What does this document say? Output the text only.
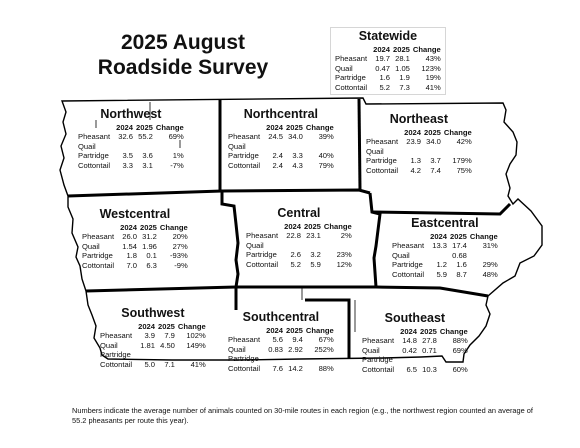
2025 August
Roadside Survey
Statewide
	2024	2025	Change
Pheasant	19.7	28.1	43%
Quail	0.47	1.05	123%
Partridge	1.6	1.9	19%
Cottontail	5.2	7.3	41%
Northwest
	2024	2025	Change
Pheasant	32.6	55.2	69%
Quail			
Partridge	3.5	3.6	1%
Cottontail	3.3	3.1	-7%
Northcentral
	2024	2025	Change
Pheasant	24.5	34.0	39%
Quail			
Partridge	2.4	3.3	40%
Cottontail	2.4	4.3	79%
Northeast
	2024	2025	Change
Pheasant	23.9	34.0	42%
Quail			
Partridge	1.3	3.7	179%
Cottontail	4.2	7.4	75%
Westcentral
	2024	2025	Change
Pheasant	26.0	31.2	20%
Quail	1.54	1.96	27%
Partridge	1.8	0.1	-93%
Cottontail	7.0	6.3	-9%
Central
	2024	2025	Change
Pheasant	22.8	23.1	2%
Quail			
Partridge	2.6	3.2	23%
Cottontail	5.2	5.9	12%
Eastcentral
	2024	2025	Change
Pheasant	13.3	17.4	31%
Quail		0.68	
Partridge	1.2	1.6	29%
Cottontail	5.9	8.7	48%
Southwest
	2024	2025	Change
Pheasant	3.9	7.9	102%
Quail	1.81	4.50	149%
Partridge			
Cottontail	5.0	7.1	41%
Southcentral
	2024	2025	Change
Pheasant	5.6	9.4	67%
Quail	0.83	2.92	252%
Partridge			
Cottontail	7.6	14.2	88%
Southeast
	2024	2025	Change
Pheasant	14.8	27.8	88%
Quail	0.42	0.71	69%
Partridge			
Cottontail	6.5	10.3	60%
Numbers indicate the average number of animals counted on 30-mile routes in each region (e.g., the northwest region counted an average of 55.2 pheasants per route this year).
